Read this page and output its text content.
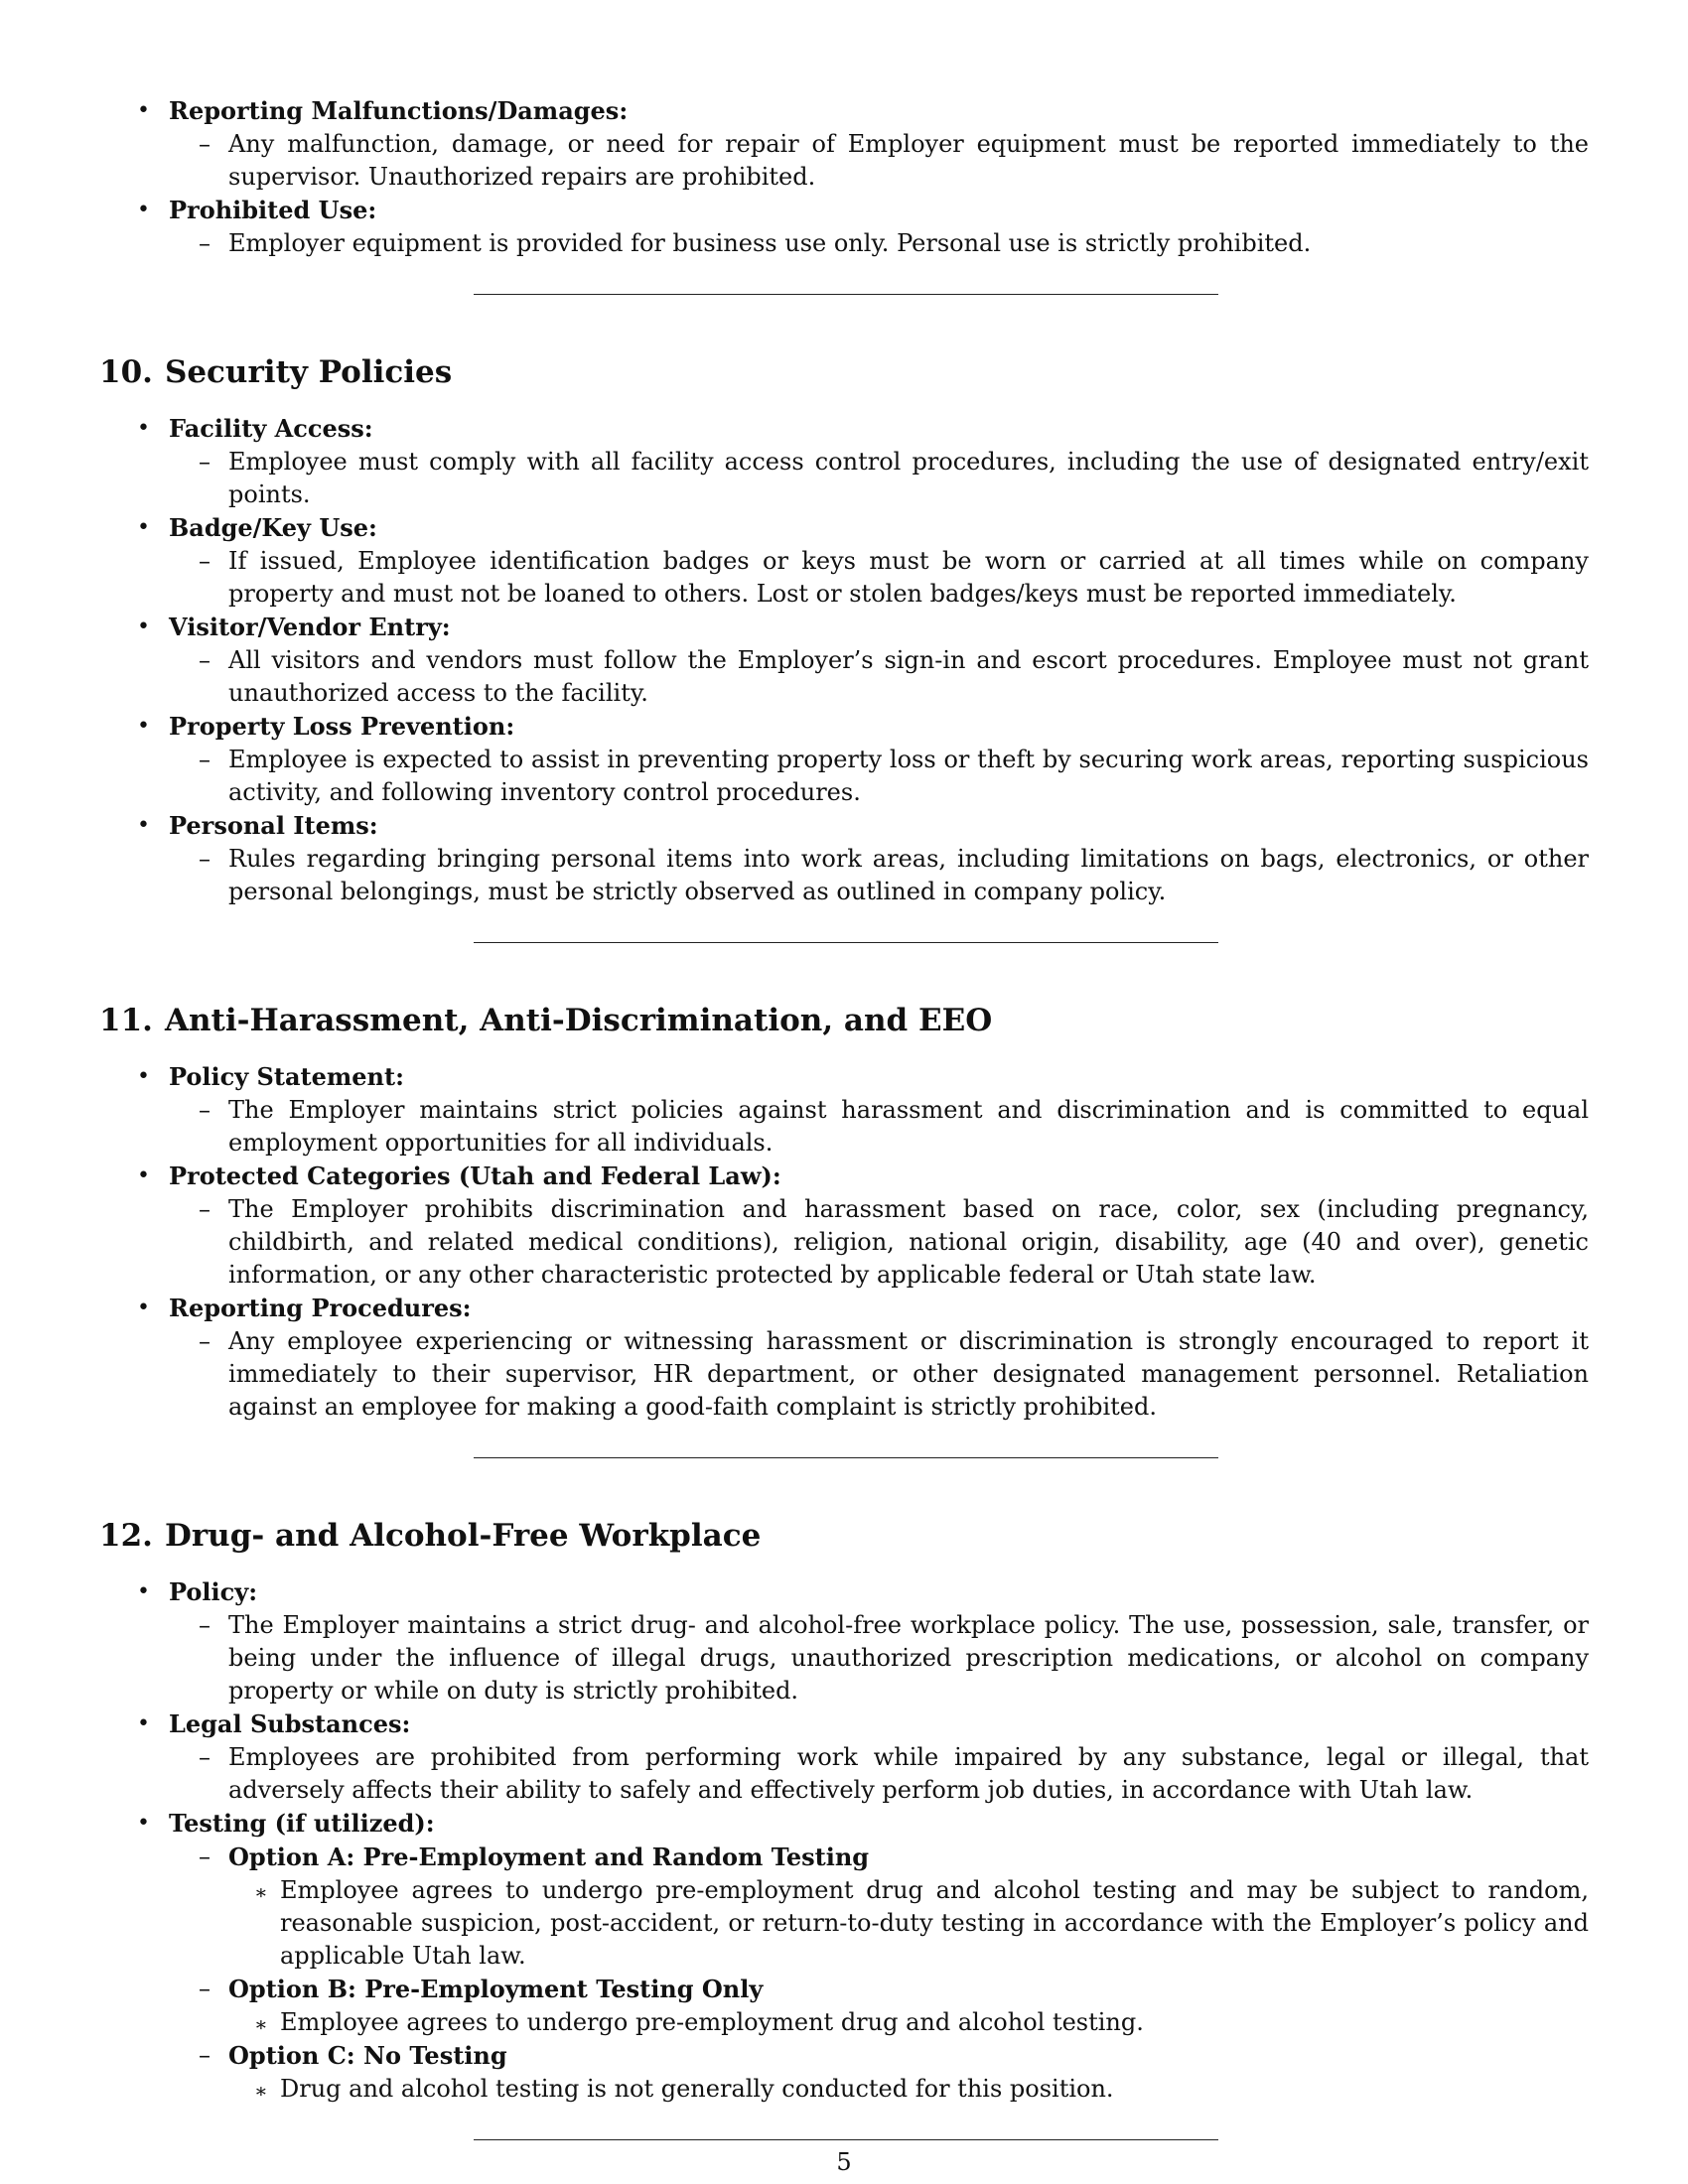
• Reporting Malfunctions/Damages:
– Any malfunction, damage, or need for repair of Employer equipment must be reported immediately to the supervisor. Unauthorized repairs are prohibited.
• Prohibited Use:
– Employer equipment is provided for business use only. Personal use is strictly prohibited.
10. Security Policies
• Facility Access:
– Employee must comply with all facility access control procedures, including the use of designated entry/exit points.
• Badge/Key Use:
– If issued, Employee identification badges or keys must be worn or carried at all times while on company property and must not be loaned to others. Lost or stolen badges/keys must be reported immediately.
• Visitor/Vendor Entry:
– All visitors and vendors must follow the Employer’s sign-in and escort procedures. Employee must not grant unauthorized access to the facility.
• Property Loss Prevention:
– Employee is expected to assist in preventing property loss or theft by securing work areas, reporting suspicious activity, and following inventory control procedures.
• Personal Items:
– Rules regarding bringing personal items into work areas, including limitations on bags, electronics, or other personal belongings, must be strictly observed as outlined in company policy.
11. Anti-Harassment, Anti-Discrimination, and EEO
• Policy Statement:
– The Employer maintains strict policies against harassment and discrimination and is committed to equal employment opportunities for all individuals.
• Protected Categories (Utah and Federal Law):
– The Employer prohibits discrimination and harassment based on race, color, sex (including pregnancy, childbirth, and related medical conditions), religion, national origin, disability, age (40 and over), genetic information, or any other characteristic protected by applicable federal or Utah state law.
• Reporting Procedures:
– Any employee experiencing or witnessing harassment or discrimination is strongly encouraged to report it immediately to their supervisor, HR department, or other designated management personnel. Retaliation against an employee for making a good-faith complaint is strictly prohibited.
12. Drug- and Alcohol-Free Workplace
• Policy:
– The Employer maintains a strict drug- and alcohol-free workplace policy. The use, possession, sale, transfer, or being under the influence of illegal drugs, unauthorized prescription medications, or alcohol on company property or while on duty is strictly prohibited.
• Legal Substances:
– Employees are prohibited from performing work while impaired by any substance, legal or illegal, that adversely affects their ability to safely and effectively perform job duties, in accordance with Utah law.
• Testing (if utilized):
– Option A: Pre-Employment and Random Testing
∗ Employee agrees to undergo pre-employment drug and alcohol testing and may be subject to random, reasonable suspicion, post-accident, or return-to-duty testing in accordance with the Employer’s policy and applicable Utah law.
– Option B: Pre-Employment Testing Only
∗ Employee agrees to undergo pre-employment drug and alcohol testing.
– Option C: No Testing
∗ Drug and alcohol testing is not generally conducted for this position.
5
